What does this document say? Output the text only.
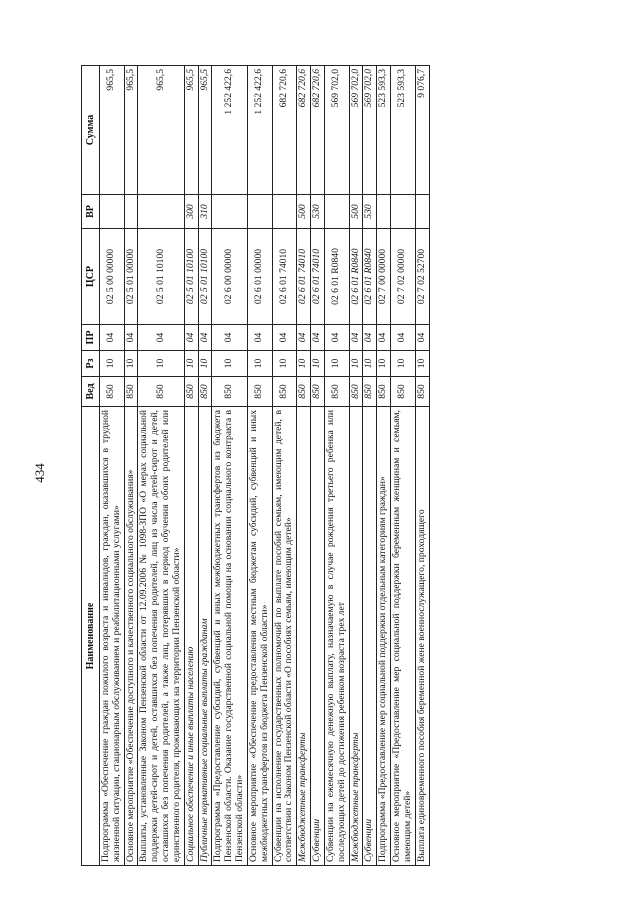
434
Наименование	Вед	Рз	ПР	ЦСР	ВР	Сумма
Подпрограмма «Обеспечение граждан пожилого возраста и инвалидов, граждан, оказавшихся в трудной жизненной ситуации, стационарным обслуживанием и реабилитационными услугами»	850	10	04	02 5 00 00000		965,5
Основное мероприятие «Обеспечение доступного и качественного социального обслуживания»	850	10	04	02 5 01 00000		965,5
Выплаты, установленные Законом Пензенской области от 12.09.2006 № 1098-ЗПО «О мерах социальной поддержки детей-сирот и детей, оставшихся без попечения родителей, лиц из числа детей-сирот и детей, оставшихся без попечения родителей, а также лиц, потерявших в период обучения обоих родителей или единственного родителя, проживающих на территории Пензенской области»	850	10	04	02 5 01 10100		965,5
Социальное обеспечение и иные выплаты населению	850	10	04	02 5 01 10100	300	965,5
Публичные нормативные социальные выплаты гражданам	850	10	04	02 5 01 10100	310	965,5
Подпрограмма «Предоставление субсидий, субвенций и иных межбюджетных трансфертов из бюджета Пензенской области. Оказание государственной социальной помощи на основании социального контракта в Пензенской области»	850	10	04	02 6 00 00000		1 252 422,6
Основное мероприятие «Обеспечение предоставления местным бюджетам субсидий, субвенций и иных межбюджетных трансфертов из бюджета Пензенской области»	850	10	04	02 6 01 00000		1 252 422,6
Субвенции на исполнение государственных полномочий по выплате пособий семьям, имеющим детей, в соответствии с Законом Пензенской области «О пособиях семьям, имеющим детей»	850	10	04	02 6 01 74010		682 720,6
Межбюджетные трансферты	850	10	04	02 6 01 74010	500	682 720,6
Субвенции	850	10	04	02 6 01 74010	530	682 720,6
Субвенции на ежемесячную денежную выплату, назначаемую в случае рождения третьего ребенка или последующих детей до достижения ребенком возраста трех лет	850	10	04	02 6 01 R0840		569 702,0
Межбюджетные трансферты	850	10	04	02 6 01 R0840	500	569 702,0
Субвенции	850	10	04	02 6 01 R0840	530	569 702,0
Подпрограмма «Предоставление мер социальной поддержки отдельным категориям граждан»	850	10	04	02 7 00 00000		523 593,3
Основное мероприятие «Предоставление мер социальной поддержки беременным женщинам и семьям, имеющим детей»	850	10	04	02 7 02 00000		523 593,3
Выплата единовременного пособия беременной жене военнослужащего, проходящего	850	10	04	02 7 02 52700		9 076,7
